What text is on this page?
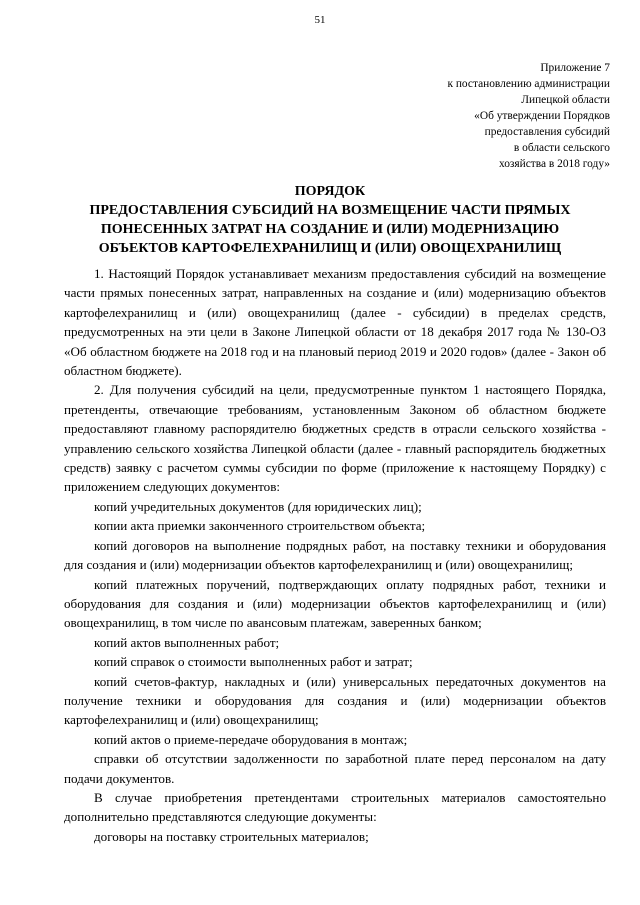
51
Приложение 7
к постановлению администрации
Липецкой области
«Об утверждении Порядков
предоставления субсидий
в области сельского
хозяйства в 2018 году»
ПОРЯДОК
ПРЕДОСТАВЛЕНИЯ СУБСИДИЙ НА ВОЗМЕЩЕНИЕ ЧАСТИ ПРЯМЫХ
ПОНЕСЕННЫХ ЗАТРАТ НА СОЗДАНИЕ И (ИЛИ) МОДЕРНИЗАЦИЮ
ОБЪЕКТОВ КАРТОФЕЛЕХРАНИЛИЩ И (ИЛИ) ОВОЩЕХРАНИЛИЩ

1. Настоящий Порядок устанавливает механизм предоставления субсидий на возмещение части прямых понесенных затрат, направленных на создание и (или) модернизацию объектов картофелехранилищ и (или) овощехранилищ (далее - субсидии) в пределах средств, предусмотренных на эти цели в Законе Липецкой области от 18 декабря 2017 года № 130-ОЗ «Об областном бюджете на 2018 год и на плановый период 2019 и 2020 годов» (далее - Закон об областном бюджете).

2. Для получения субсидий на цели, предусмотренные пунктом 1 настоящего Порядка, претенденты, отвечающие требованиям, установленным Законом об областном бюджете предоставляют главному распорядителю бюджетных средств в отрасли сельского хозяйства - управлению сельского хозяйства Липецкой области (далее - главный распорядитель бюджетных средств) заявку с расчетом суммы субсидии по форме (приложение к настоящему Порядку) с приложением следующих документов:

копий учредительных документов (для юридических лиц);

копии акта приемки законченного строительством объекта;

копий договоров на выполнение подрядных работ, на поставку техники и оборудования для создания и (или) модернизации объектов картофелехранилищ и (или) овощехранилищ;

копий платежных поручений, подтверждающих оплату подрядных работ, техники и оборудования для создания и (или) модернизации объектов картофелехранилищ и (или) овощехранилищ, в том числе по авансовым платежам, заверенных банком;

копий актов выполненных работ;

копий справок о стоимости выполненных работ и затрат;

копий счетов-фактур, накладных и (или) универсальных передаточных документов на получение техники и оборудования для создания и (или) модернизации объектов картофелехранилищ и (или) овощехранилищ;

копий актов о приеме-передаче оборудования в монтаж;

справки об отсутствии задолженности по заработной плате перед персоналом на дату подачи документов.

В случае приобретения претендентами строительных материалов самостоятельно дополнительно представляются следующие документы:

договоры на поставку строительных материалов;
